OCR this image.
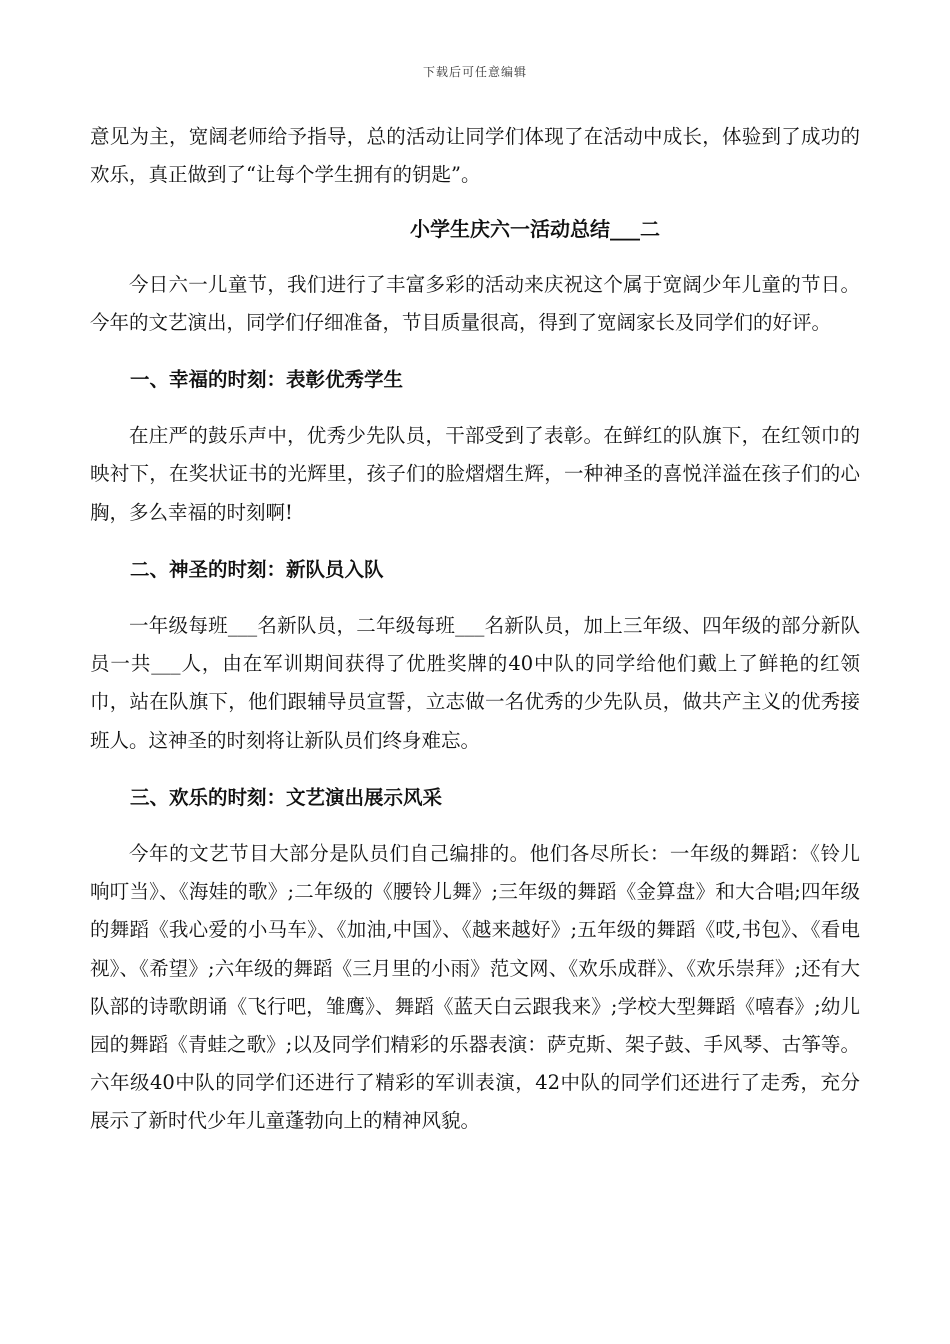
下载后可任意编辑

意见为主，宽阔老师给予指导，总的活动让同学们体现了在活动中成长，体验到了成功的欢乐，真正做到了“让每个学生拥有的钥匙”。

小学生庆六一活动总结___二

今日六一儿童节，我们进行了丰富多彩的活动来庆祝这个属于宽阔少年儿童的节日。今年的文艺演出，同学们仔细准备，节目质量很高，得到了宽阔家长及同学们的好评。

一、幸福的时刻：表彰优秀学生

在庄严的鼓乐声中，优秀少先队员，干部受到了表彰。在鲜红的队旗下，在红领巾的映衬下，在奖状证书的光辉里，孩子们的脸熠熠生辉，一种神圣的喜悦洋溢在孩子们的心胸，多么幸福的时刻啊!

二、神圣的时刻：新队员入队

一年级每班___名新队员，二年级每班___名新队员，加上三年级、四年级的部分新队员一共___人，由在军训期间获得了优胜奖牌的40中队的同学给他们戴上了鲜艳的红领巾，站在队旗下，他们跟辅导员宣誓，立志做一名优秀的少先队员，做共产主义的优秀接班人。这神圣的时刻将让新队员们终身难忘。

三、欢乐的时刻：文艺演出展示风采

今年的文艺节目大部分是队员们自己编排的。他们各尽所长：一年级的舞蹈：《铃儿响叮当》、《海娃的歌》;二年级的《腰铃儿舞》;三年级的舞蹈《金算盘》和大合唱;四年级的舞蹈《我心爱的小马车》、《加油,中国》、《越来越好》;五年级的舞蹈《哎,书包》、《看电视》、《希望》;六年级的舞蹈《三月里的小雨》范文网、《欢乐成群》、《欢乐崇拜》;还有大队部的诗歌朗诵《飞行吧，雏鹰》、舞蹈《蓝天白云跟我来》;学校大型舞蹈《嘻春》;幼儿园的舞蹈《青蛙之歌》;以及同学们精彩的乐器表演：萨克斯、架子鼓、手风琴、古筝等。六年级40中队的同学们还进行了精彩的军训表演，42中队的同学们还进行了走秀，充分展示了新时代少年儿童蓬勃向上的精神风貌。
